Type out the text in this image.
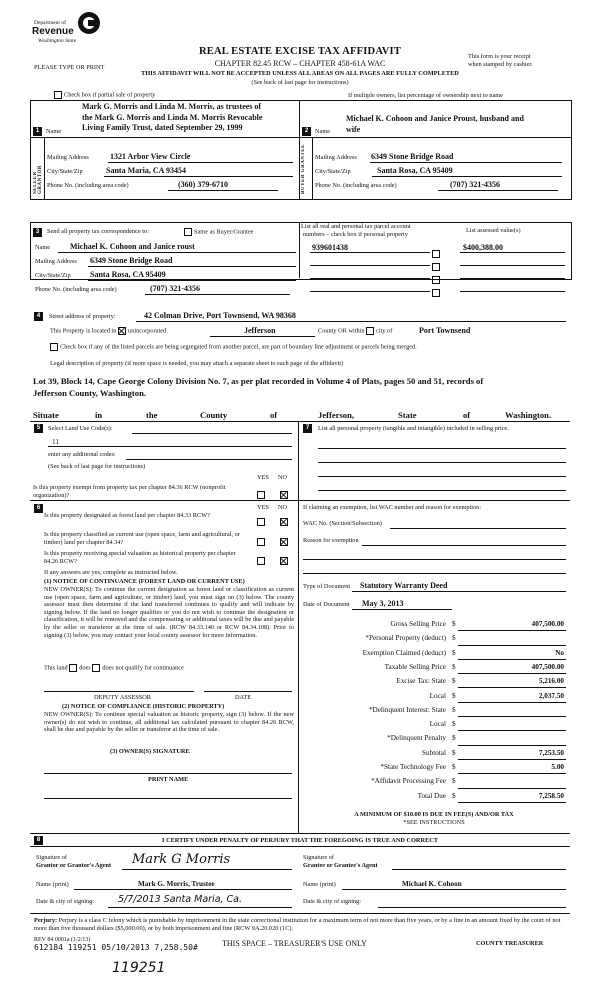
Department of
Revenue
Washington State
PLEASE TYPE OR PRINT
REAL ESTATE EXCISE TAX AFFIDAVIT
CHAPTER 82.45 RCW – CHAPTER 458-61A WAC
This form is your receipt
when stamped by cashier.
THIS AFFIDAVIT WILL NOT BE ACCEPTED UNLESS ALL AREAS ON ALL PAGES ARE FULLY COMPLETED
(See back of last page for instructions)
Check box if partial sale of property	If multiple owners, list percentage of ownership next to name
1	Name
Mark G. Morris and Linda M. Morris, as trustees of
the Mark G. Morris and Linda M. Morris Revocable
Living Family Trust, dated September 29, 1999
SELLER GRANTOR
Mailing Address	1321 Arbor View Circle
City/State/Zip	Santa Maria, CA 93454
Phone No. (including area code)	(360) 379-6710
2	Name
Michael K. Cohoon and Janice Proust, husband and
wife
BUYER GRANTEE Mailing Address 6349 Stone Bridge Road
City/State/Zip	Santa Rosa, CA 95409
Phone No. (including area code)	(707) 321-4356
3	Send all property tax correspondence to:	Same as Buyer/Grantee
Name Michael K. Cohoon and Janice roust
Mailing Address 6349 Stone Bridge Road
City/State/Zip Santa Rosa, CA 95409
Phone No. (including area code)	(707) 321-4356
List all real and personal tax parcel account
numbers – check box if personal property
List assessed value(s)
939601438	$400,388.00
4	Street address of property:	42 Colman Drive, Port Townsend, WA 98368
This Property is located in unincorporated	Jefferson	County OR within city of	Port Townsend
Check box if any of the listed parcels are being segregated from another parcel, are part of boundary line adjustment or parcels being merged.
Legal description of property (if more space is needed, you may attach a separate sheet to each page of the affidavit)
Lot 39, Block 14, Cape George Colony Division No. 7, as per plat recorded in Volume 4 of Plats, pages 50 and 51, records of
Jefferson County, Washington.
Situate	in	the	County	of	Jefferson,	State	of	Washington.
5	Select Land Use Code(s):
11
enter any additional codes:
(See back of last page for instructions)
YES NO
Is this property exempt from property tax per chapter 84.36 RCW (nonprofit organization)?
7	List all personal property (tangible and intangible) included in selling price.
6	YES NO
Is this property designated as forest land per chapter 84.33 RCW?
Is this property classified as current use (open space, farm and agricultural, or timber) land per chapter 84.34?
Is this property receiving special valuation as historical property per chapter 84.26 RCW?
If any answers are yes, complete as instructed below.
(1) NOTICE OF CONTINUANCE (FOREST LAND OR CURRENT USE)
NEW OWNER(S): To continue the current designation as forest land or classification as current use (open space, farm and agriculture, or timber) land, you must sign on (3) below. The county assessor must then determine if the land transferred continues to qualify and will indicate by signing below. If the land no longer qualifies or you do not wish to continue the designation or classification, it will be removed and the compensating or additional taxes will be due and payable by the seller or transferor at the time of sale. (RCW 84.33.140 or RCW 84.34.108). Prior to signing (3) below, you may contact your local county assessor for more information.
This land does does not qualify for continuance
DEPUTY ASSESSOR	DATE
(2) NOTICE OF COMPLIANCE (HISTORIC PROPERTY)
NEW OWNER(S): To continue special valuation as historic property, sign (3) below. If the new owner(s) do not wish to continue, all additional tax calculated pursuant to chapter 84.26 RCW, shall be due and payable by the seller or transferor at the time of sale.
(3) OWNER(S) SIGNATURE
PRINT NAME
If claiming an exemption, list WAC number and reason for exemption:
WAC No. (Section/Subsection)
Reason for exemption
Type of Document Statutory Warranty Deed
Date of Document May 3, 2013
Gross Selling Price $	407,500.00
*Personal Property (deduct) $
Exemption Claimed (deduct) $	No
Taxable Selling Price $	407,500.00
Excise Tax: State $	5,216.00
Local $	2,037.50
*Delinquent Interest: State $
Local $
*Delinquent Penalty $
Subtotal $	7,253.50
*State Technology Fee $	5.00
*Affidavit Processing Fee $
Total Due $	7,258.50
A MINIMUM OF $10.00 IS DUE IN FEE(S) AND/OR TAX
*SEE INSTRUCTIONS
8	I CERTIFY UNDER PENALTY OF PERJURY THAT THE FOREGOING IS TRUE AND CORRECT
Signature of
Grantor or Grantor's Agent Mark G Morris	Signature of
Grantee or Grantee's Agent
Name (print)	Mark G. Morris, Trustee	Name (print)	Michael K. Cohoon
Date & city of signing:	5/7/2013 Santa Maria, Ca.	Date & city of signing:
Perjury: Perjury is a class C felony which is punishable by imprisonment in the state correctional institution for a maximum term of not more than five years, or by a fine in an amount fixed by the court of not more than five thousand dollars ($5,000.00), or by both imprisonment and fine (RCW 9A.20.020 (1C).
REV 84 0001a (1/2/13)
612184 119251 05/10/2013 7,258.50#	THIS SPACE – TREASURER'S USE ONLY	COUNTY TREASURER
119251
